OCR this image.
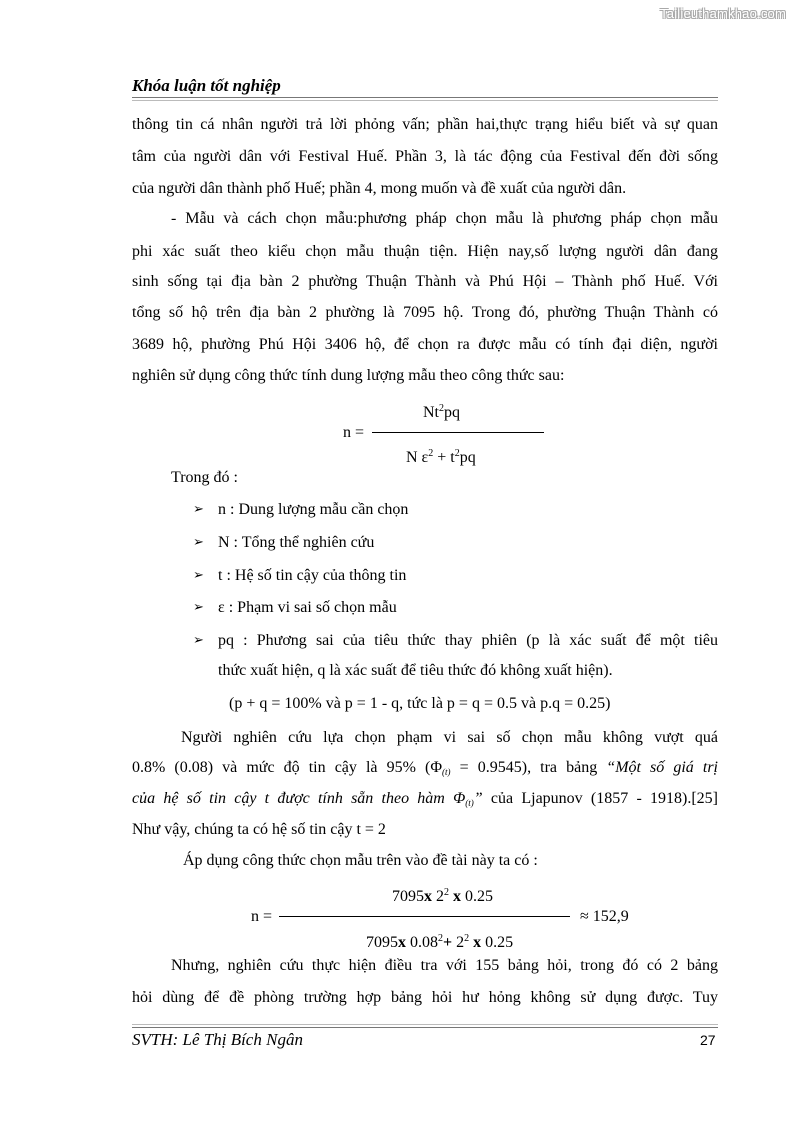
Tailieuthamkhao.com
Khóa luận tốt nghiệp
thông tin cá nhân người trả lời phỏng vấn; phần hai,thực trạng hiểu biết và sự quan
tâm của người dân với Festival Huế. Phần 3, là tác động của Festival đến đời sống
của người dân thành phố Huế; phần 4, mong muốn và đề xuất của người dân.
- Mẫu và cách chọn mẫu:phương pháp chọn mẫu là phương pháp chọn mẫu
phi xác suất theo kiểu chọn mẫu thuận tiện. Hiện nay,số lượng người dân đang
sinh sống tại địa bàn 2 phường Thuận Thành và Phú Hội – Thành phố Huế. Với
tổng số hộ trên địa bàn 2 phường là 7095 hộ. Trong đó, phường Thuận Thành có
3689 hộ, phường Phú Hội 3406 hộ, để chọn ra được mẫu có tính đại diện, người
nghiên sử dụng công thức tính dung lượng mẫu theo công thức sau:
Nt$^2$pq
n =
N $\varepsilon^2 + t^2pq$
Trong đó :
➢ n : Dung lượng mẫu cần chọn
➢ N : Tổng thể nghiên cứu
➢ t : Hệ số tin cậy của thông tin
➢ ε : Phạm vi sai số chọn mẫu
➢ pq : Phương sai của tiêu thức thay phiên (p là xác suất để một tiêu
thức xuất hiện, q là xác suất để tiêu thức đó không xuất hiện).
(p + q = 100% và p = 1 - q, tức là p = q = 0.5 và p.q = 0.25)
Người nghiên cứu lựa chọn phạm vi sai số chọn mẫu không vượt quá
0.8% (0.08) và mức độ tin cậy là 95% $(\Phi_{(t)} = 0.9545)$, tra bảng “Một số giá trị
của hệ số tin cậy t được tính sẵn theo hàm $\Phi_{(t)}$” của Ljapunov (1857 - 1918).[25]
Như vậy, chúng ta có hệ số tin cậy t = 2
Áp dụng công thức chọn mẫu trên vào đề tài này ta có :
7095x $2^2$ x 0.25
n =	≈ 152,9
7095x $0.08^2+ 2^2$ x 0.25
Nhưng, nghiên cứu thực hiện điều tra với 155 bảng hỏi, trong đó có 2 bảng
hỏi dùng để đề phòng trường hợp bảng hỏi hư hỏng không sử dụng được. Tuy
SVTH: Lê Thị Bích Ngân	27
